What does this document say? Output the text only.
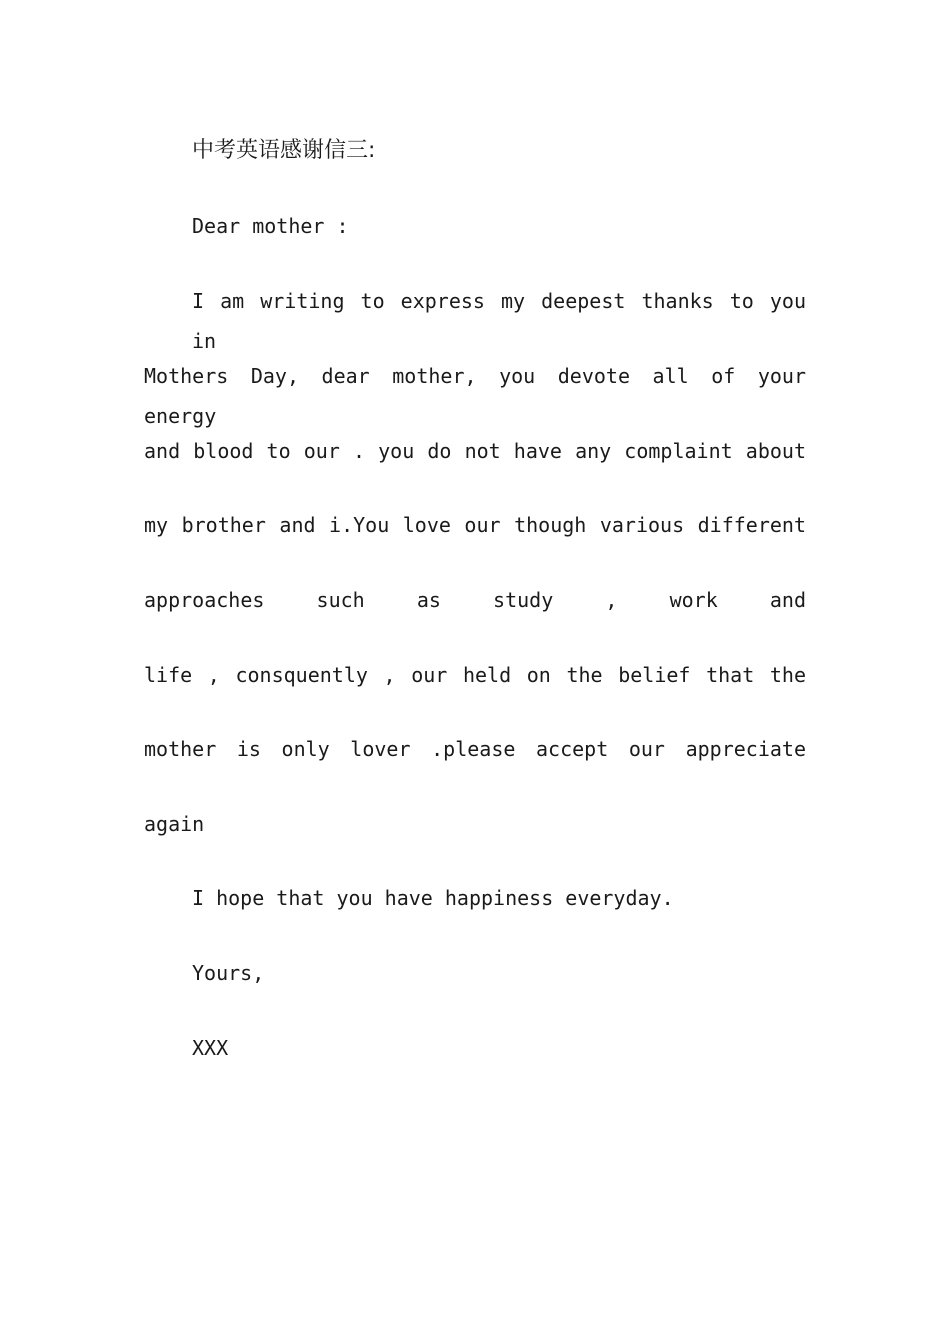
中考英语感谢信三:
Dear mother :
I am writing to express my deepest thanks to you in
Mothers Day, dear mother, you devote all of your energy
and blood to our . you do not have any complaint about
my brother and i.You love our though various different
approaches such as study , work and
life , consquently , our held on the belief that the
mother is only lover .please accept our appreciate
again
I hope that you have happiness everyday.
Yours,
XXX
